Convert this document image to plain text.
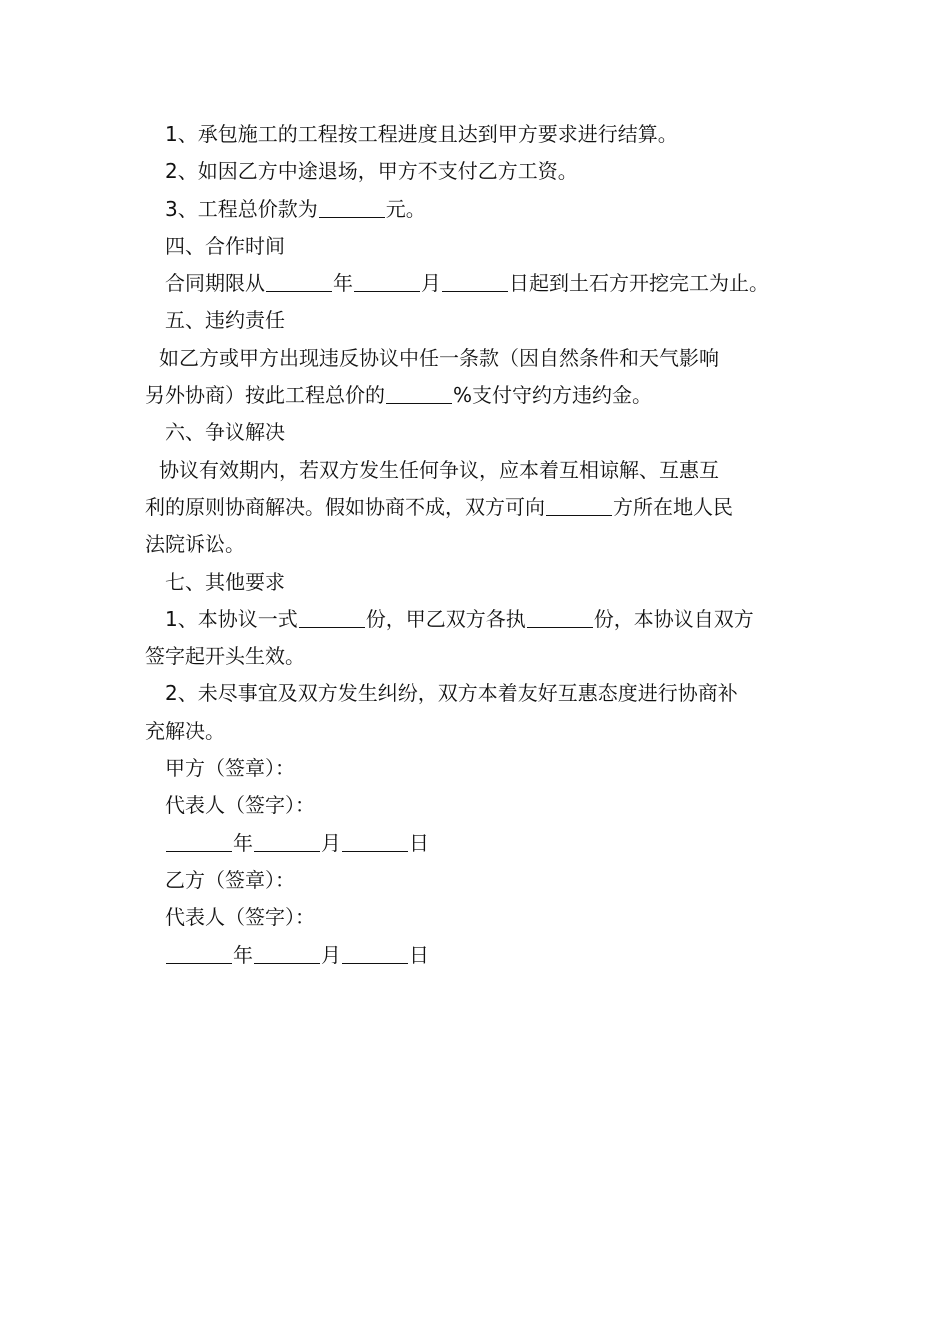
1、承包施工的工程按工程进度且达到甲方要求进行结算。

2、如因乙方中途退场，甲方不支付乙方工资。

3、工程总价款为	元。

四、合作时间

合同期限从	年	月	日起到土石方开挖完工为止。

五、违约责任

如乙方或甲方出现违反协议中任一条款（因自然条件和天气影响

另外协商）按此工程总价的	%支付守约方违约金。

六、争议解决

协议有效期内，若双方发生任何争议，应本着互相谅解、互惠互

利的原则协商解决。假如协商不成，双方可向	方所在地人民

法院诉讼。

七、其他要求

1、本协议一式	份，甲乙双方各执	份，本协议自双方

签字起开头生效。

2、未尽事宜及双方发生纠纷，双方本着友好互惠态度进行协商补

充解决。

甲方（签章）：

代表人（签字）：

年	月	日

乙方（签章）：

代表人（签字）：

年	月	日
